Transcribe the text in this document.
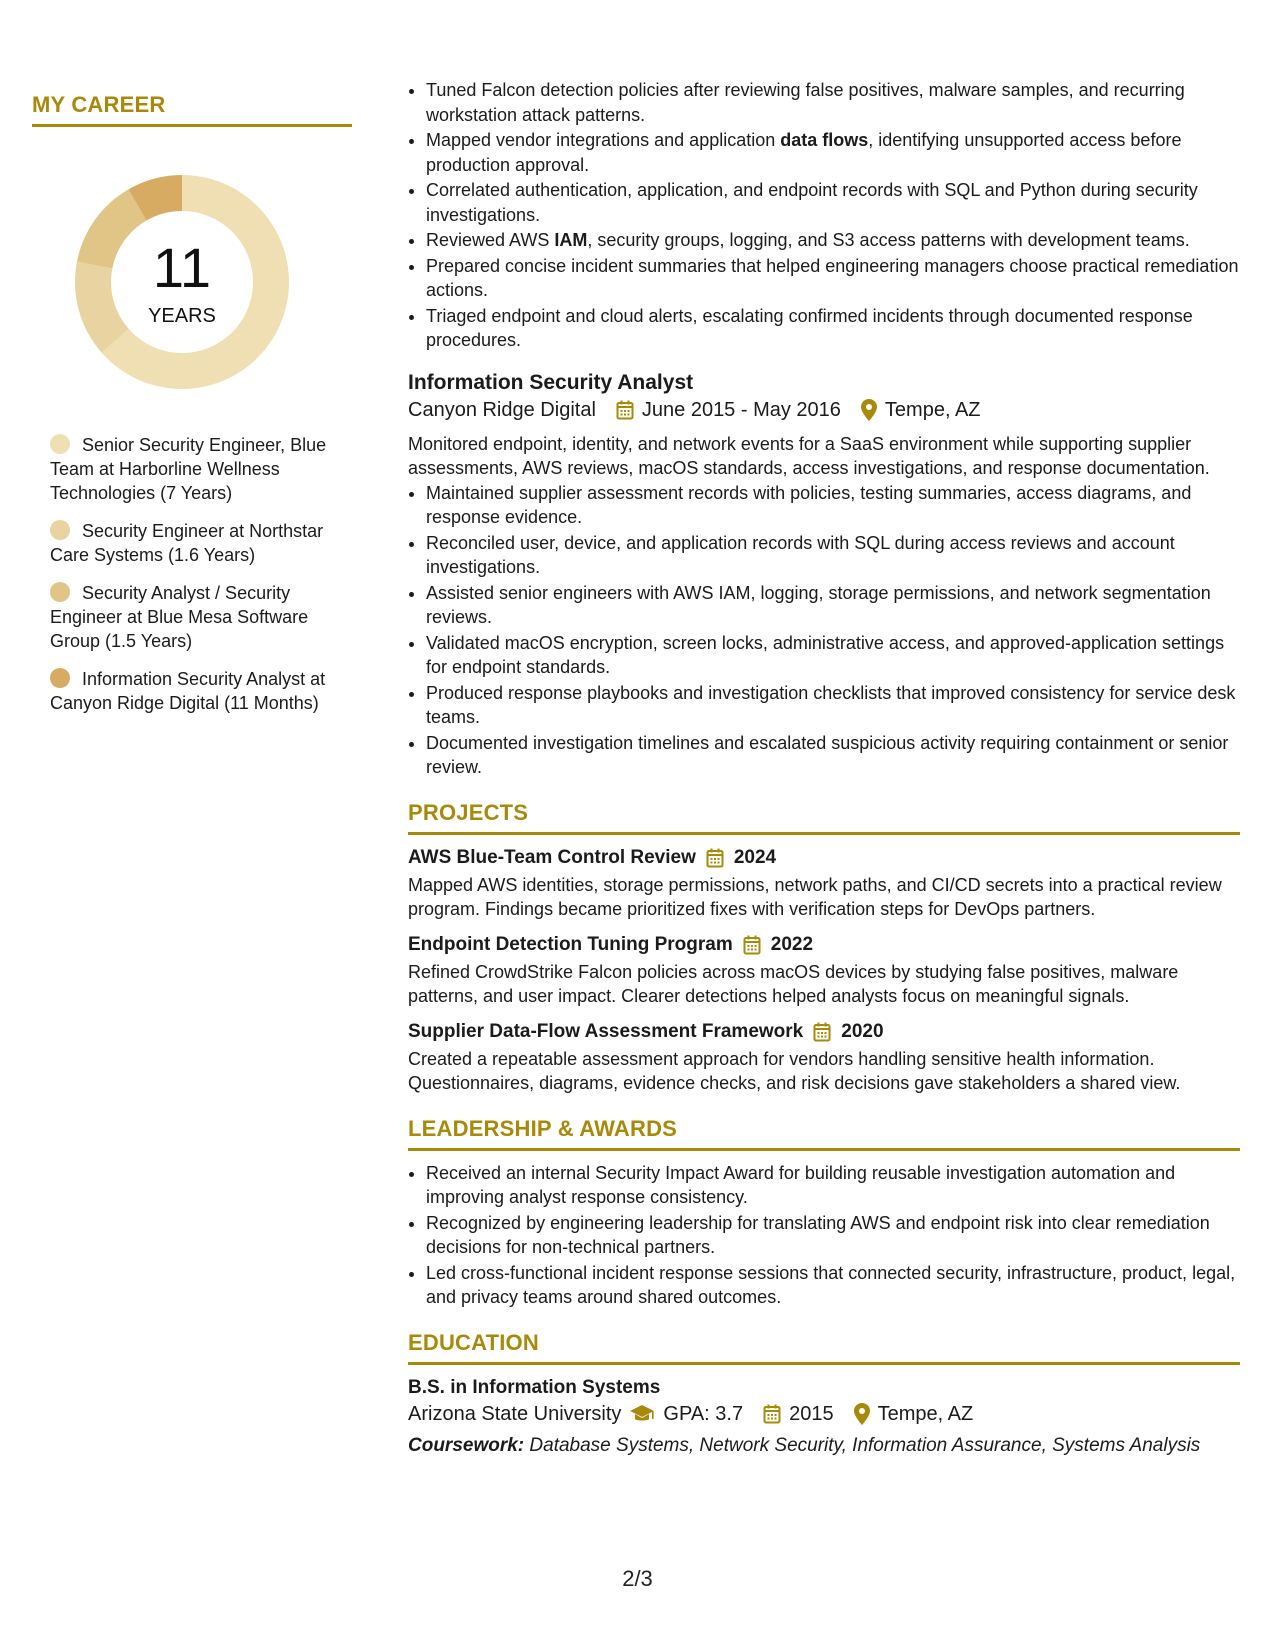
MY CAREER
11
YEARS
Senior Security Engineer, Blue Team at Harborline Wellness Technologies (7 Years)
Security Engineer at Northstar Care Systems (1.6 Years)
Security Analyst / Security Engineer at Blue Mesa Software Group (1.5 Years)
Information Security Analyst at Canyon Ridge Digital (11 Months)
• Tuned Falcon detection policies after reviewing false positives, malware samples, and recurring workstation attack patterns.
• Mapped vendor integrations and application data flows, identifying unsupported access before production approval.
• Correlated authentication, application, and endpoint records with SQL and Python during security investigations.
• Reviewed AWS IAM, security groups, logging, and S3 access patterns with development teams.
• Prepared concise incident summaries that helped engineering managers choose practical remediation actions.
• Triaged endpoint and cloud alerts, escalating confirmed incidents through documented response procedures.
Information Security Analyst
Canyon Ridge Digital June 2015 - May 2016 Tempe, AZ
Monitored endpoint, identity, and network events for a SaaS environment while supporting supplier assessments, AWS reviews, macOS standards, access investigations, and response documentation.
• Maintained supplier assessment records with policies, testing summaries, access diagrams, and response evidence.
• Reconciled user, device, and application records with SQL during access reviews and account investigations.
• Assisted senior engineers with AWS IAM, logging, storage permissions, and network segmentation reviews.
• Validated macOS encryption, screen locks, administrative access, and approved-application settings for endpoint standards.
• Produced response playbooks and investigation checklists that improved consistency for service desk teams.
• Documented investigation timelines and escalated suspicious activity requiring containment or senior review.
PROJECTS
AWS Blue-Team Control Review 2024
Mapped AWS identities, storage permissions, network paths, and CI/CD secrets into a practical review program. Findings became prioritized fixes with verification steps for DevOps partners.
Endpoint Detection Tuning Program 2022
Refined CrowdStrike Falcon policies across macOS devices by studying false positives, malware patterns, and user impact. Clearer detections helped analysts focus on meaningful signals.
Supplier Data-Flow Assessment Framework 2020
Created a repeatable assessment approach for vendors handling sensitive health information. Questionnaires, diagrams, evidence checks, and risk decisions gave stakeholders a shared view.
LEADERSHIP & AWARDS
• Received an internal Security Impact Award for building reusable investigation automation and improving analyst response consistency.
• Recognized by engineering leadership for translating AWS and endpoint risk into clear remediation decisions for non-technical partners.
• Led cross-functional incident response sessions that connected security, infrastructure, product, legal, and privacy teams around shared outcomes.
EDUCATION
B.S. in Information Systems
Arizona State University GPA: 3.7 2015 Tempe, AZ
Coursework: Database Systems, Network Security, Information Assurance, Systems Analysis
2/3
